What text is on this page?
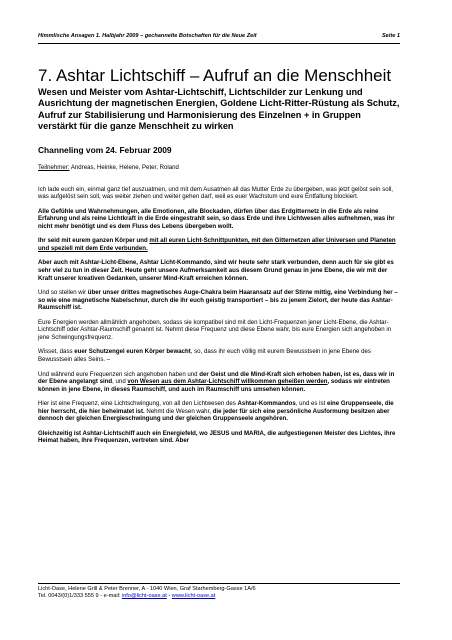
Himmlische Ansagen 1. Halbjahr 2009 – gechannelte Botschaften für die Neue Zeit	Seite 1
7. Ashtar Lichtschiff – Aufruf an die Menschheit
Wesen und Meister vom Ashtar-Lichtschiff, Lichtschilder zur Lenkung und Ausrichtung der magnetischen Energien, Goldene Licht-Ritter-Rüstung als Schutz, Aufruf zur Stabilisierung und Harmonisierung des Einzelnen + in Gruppen verstärkt für die ganze Menschheit zu wirken
Channeling vom 24. Februar 2009
Teilnehmer: Andreas, Heinke, Helene, Peter, Roland

Ich lade euch ein, einmal ganz tief auszuatmen, und mit dem Ausatmen all das Mutter Erde zu übergeben, was jetzt gelöst sein soll, was aufgelöst sein soll, was weiter ziehen und weiter gehen darf, weil es euer Wachstum und eure Entfaltung blockiert.

Alle Gefühle und Wahrnehmungen, alle Emotionen, alle Blockaden, dürfen über das Erdgitternetz in die Erde als reine Erfahrung und als reine Lichtkraft in die Erde eingestrahlt sein, so dass Erde und ihre Lichtwesen alles aufnehmen, was ihr nicht mehr benötigt und es dem Fluss des Lebens übergeben wollt.

Ihr seid mit eurem ganzen Körper und mit all euren Licht-Schnittpunkten, mit den Gitternetzen aller Universen und Planeten und speziell mit dem Erde verbunden.

Aber auch mit Ashtar-Licht-Ebene, Ashtar Licht-Kommando, sind wir heute sehr stark verbunden, denn auch für sie gibt es sehr viel zu tun in dieser Zeit. Heute geht unsere Aufmerksamkeit aus diesem Grund genau in jene Ebene, die wir mit der Kraft unserer kreativen Gedanken, unserer Mind-Kraft erreichen können.

Und so stellen wir über unser drittes magnetisches Auge-Chakra beim Haaransatz auf der Stirne mittig, eine Verbindung her – so wie eine magnetische Nabelschnur, durch die ihr euch geistig transportiert – bis zu jenem Zielort, der heute das Ashtar-Raumschiff ist.

Eure Energien werden allmählich angehoben, sodass sie kompatibel sind mit den Licht-Frequenzen jener Licht-Ebene, die Ashtar-Lichtschiff oder Ashtar-Raumschiff genannt ist. Nehmt diese Frequenz und diese Ebene wahr, bis eure Energien sich angehoben in jene Schwingungsfrequenz.

Wisset, dass euer Schutzengel euren Körper bewacht, so, dass ihr euch völlig mit eurem Bewusstsein in jene Ebene des Bewusstsein alles Seins. –

Und während eure Frequenzen sich angehoben haben und der Geist und die Mind-Kraft sich erhoben haben, ist es, dass wir in der Ebene angelangt sind, und von Wesen aus dem Ashtar-Lichtschiff willkommen geheißen werden, sodass wir eintreten können in jene Ebene, in dieses Raumschiff, und auch im Raumschiff uns umsehen können.

Hier ist eine Frequenz, eine Lichtschwingung, von all den Lichtwesen des Ashtar-Kommandos, und es ist eine Gruppenseele, die hier herrscht, die hier beheimatet ist. Nehmt die Wesen wahr, die jeder für sich eine persönliche Ausformung besitzen aber dennoch der gleichen Energieschwingung und der gleichen Gruppenseele angehören.

Gleichzeitig ist Ashtar-Lichtschiff auch ein Energiefeld, wo JESUS und MARIA, die aufgestiegenen Meister des Lichtes, ihre Heimat haben, ihre Frequenzen, vertreten sind. Aber

Licht-Oase, Helene Grill & Peter Brenner, A - 1040 Wien, Graf Starhemberg-Gasse 1A/6
Tel. 0043/(0)1/333 555 9 - e-mail: info@licht-oase.at - www.licht-oase.at
